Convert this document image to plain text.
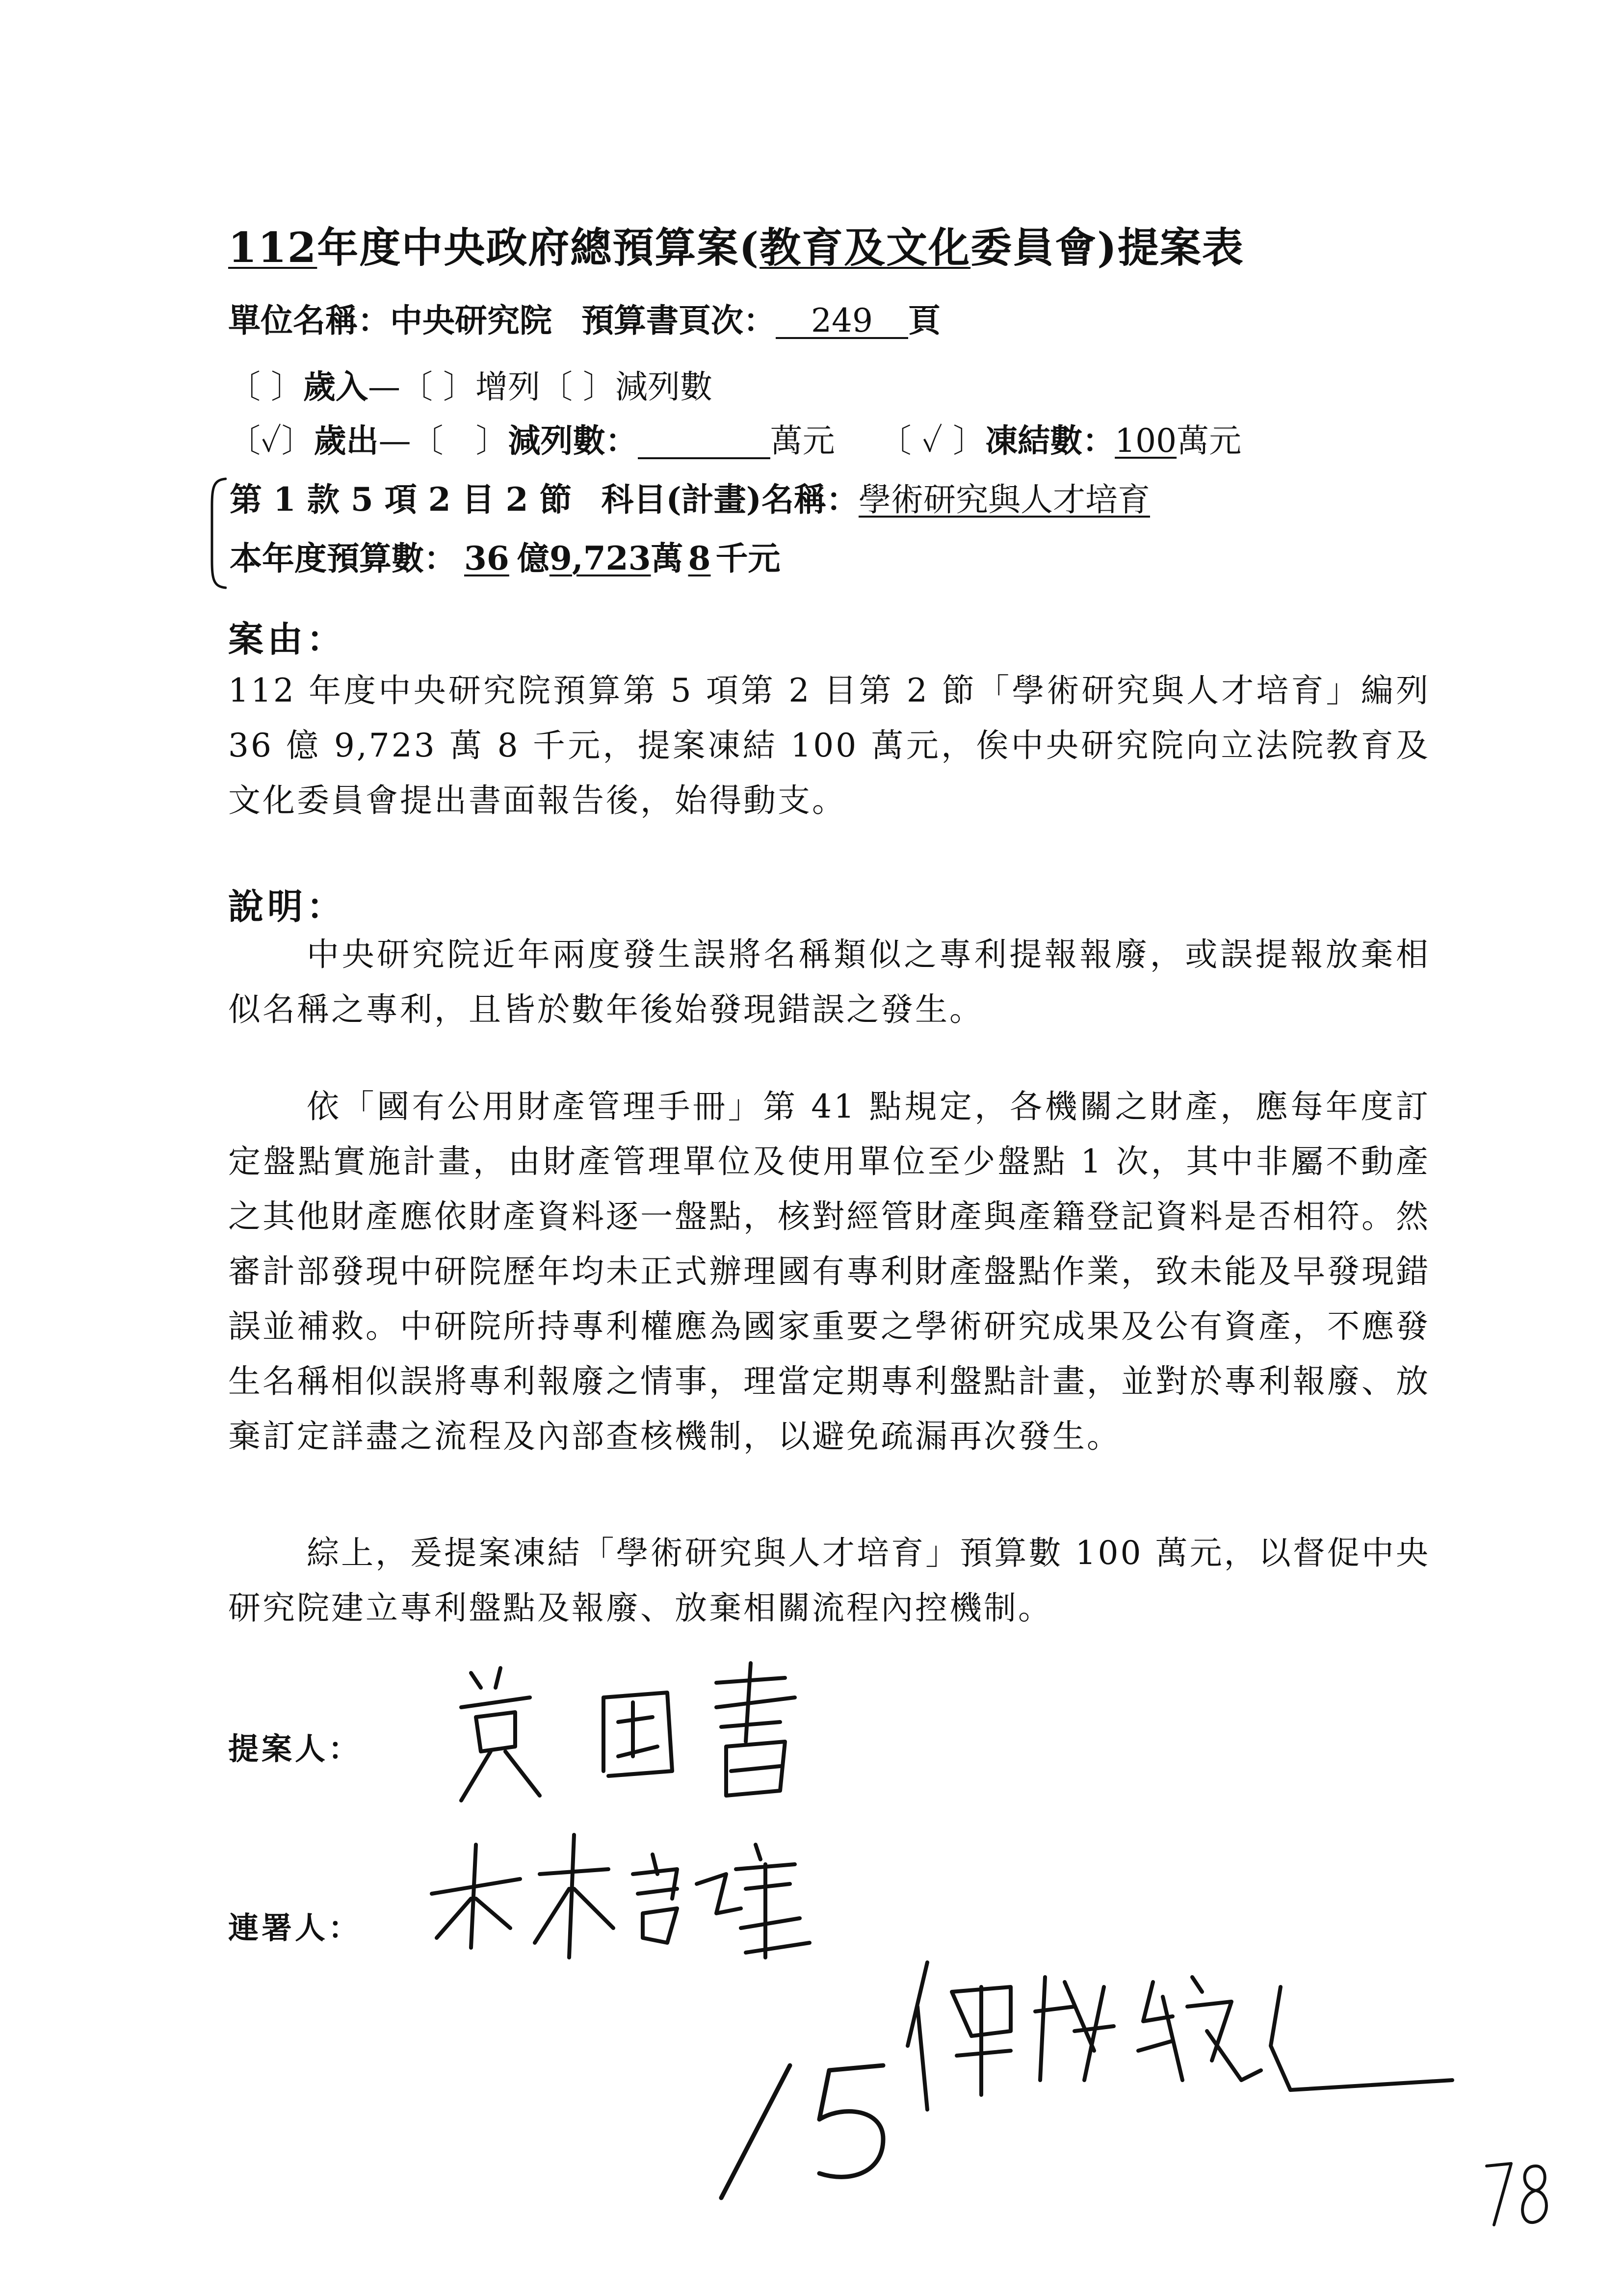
112年度中央政府總預算案(教育及文化委員會)提案表
單位名稱：中央研究院 預算書頁次： 249 頁
〔 〕歲入—〔 〕增列〔 〕減列數
〔✓〕歲出—〔　〕減列數：	萬元 〔 ✓ 〕凍結數：100萬元
第 1 款 5 項 2 目 2 節 科目(計畫)名稱：學術研究與人才培育
本年度預算數： 36 億9,723萬 8 千元
案由：
112 年度中央研究院預算第 5 項第 2 目第 2 節「學術研究與人才培育」編列 36 億 9,723 萬 8 千元，提案凍結 100 萬元，俟中央研究院向立法院教育及文化委員會提出書面報告後，始得動支。
說明：
中央研究院近年兩度發生誤將名稱類似之專利提報報廢，或誤提報放棄相似名稱之專利，且皆於數年後始發現錯誤之發生。
依「國有公用財產管理手冊」第 41 點規定，各機關之財產，應每年度訂定盤點實施計畫，由財產管理單位及使用單位至少盤點 1 次，其中非屬不動產之其他財產應依財產資料逐一盤點，核對經管財產與產籍登記資料是否相符。然審計部發現中研院歷年均未正式辦理國有專利財產盤點作業，致未能及早發現錯誤並補救。中研院所持專利權應為國家重要之學術研究成果及公有資產，不應發生名稱相似誤將專利報廢之情事，理當定期專利盤點計畫，並對於專利報廢、放棄訂定詳盡之流程及內部查核機制，以避免疏漏再次發生。
綜上，爰提案凍結「學術研究與人才培育」預算數 100 萬元，以督促中央研究院建立專利盤點及報廢、放棄相關流程內控機制。
提案人：
連署人：
